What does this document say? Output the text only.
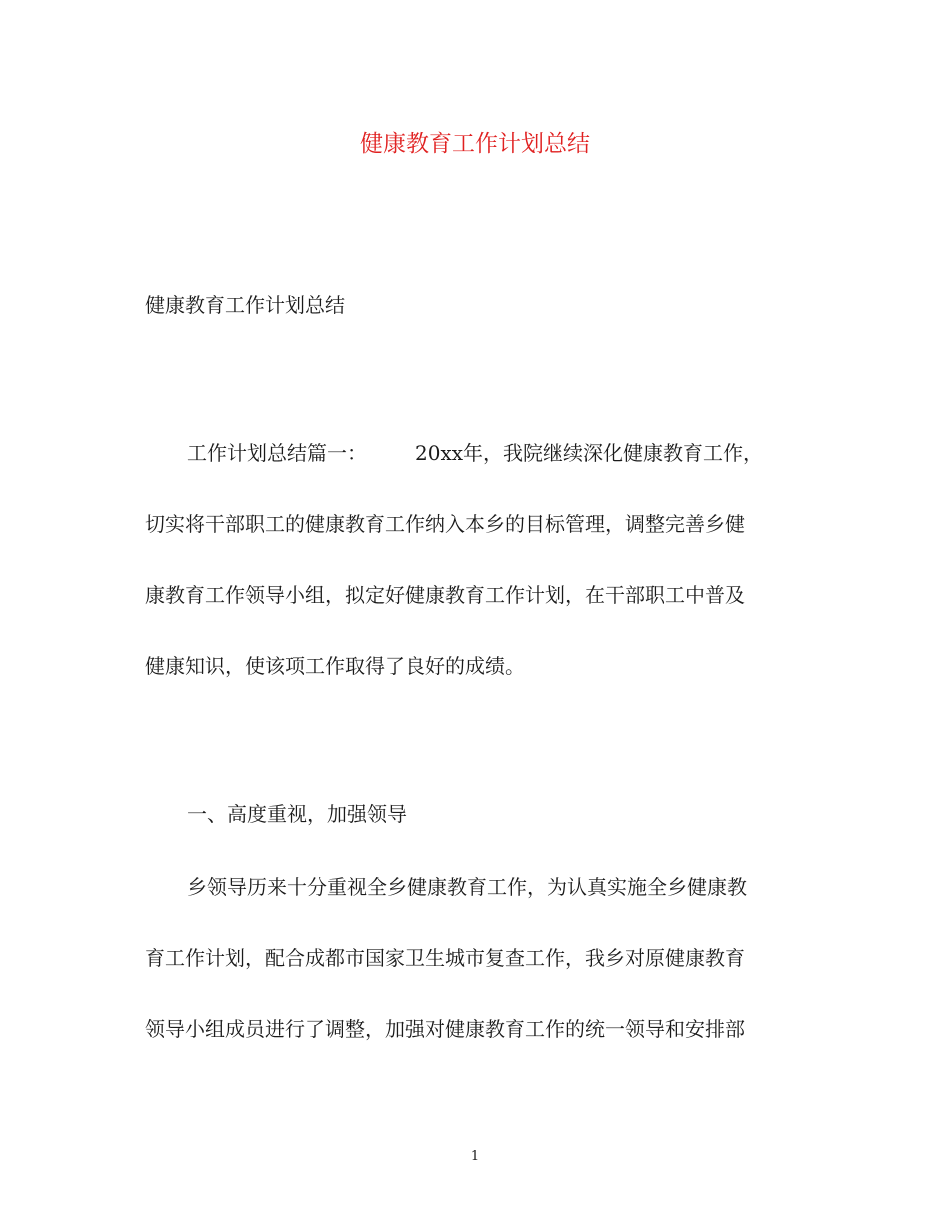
健康教育工作计划总结

健康教育工作计划总结

工作计划总结篇一： 20xx年，我院继续深化健康教育工作，

切实将干部职工的健康教育工作纳入本乡的目标管理，调整完善乡健

康教育工作领导小组，拟定好健康教育工作计划，在干部职工中普及

健康知识，使该项工作取得了良好的成绩。

一、高度重视，加强领导

乡领导历来十分重视全乡健康教育工作，为认真实施全乡健康教

育工作计划，配合成都市国家卫生城市复查工作，我乡对原健康教育

领导小组成员进行了调整，加强对健康教育工作的统一领导和安排部

1
